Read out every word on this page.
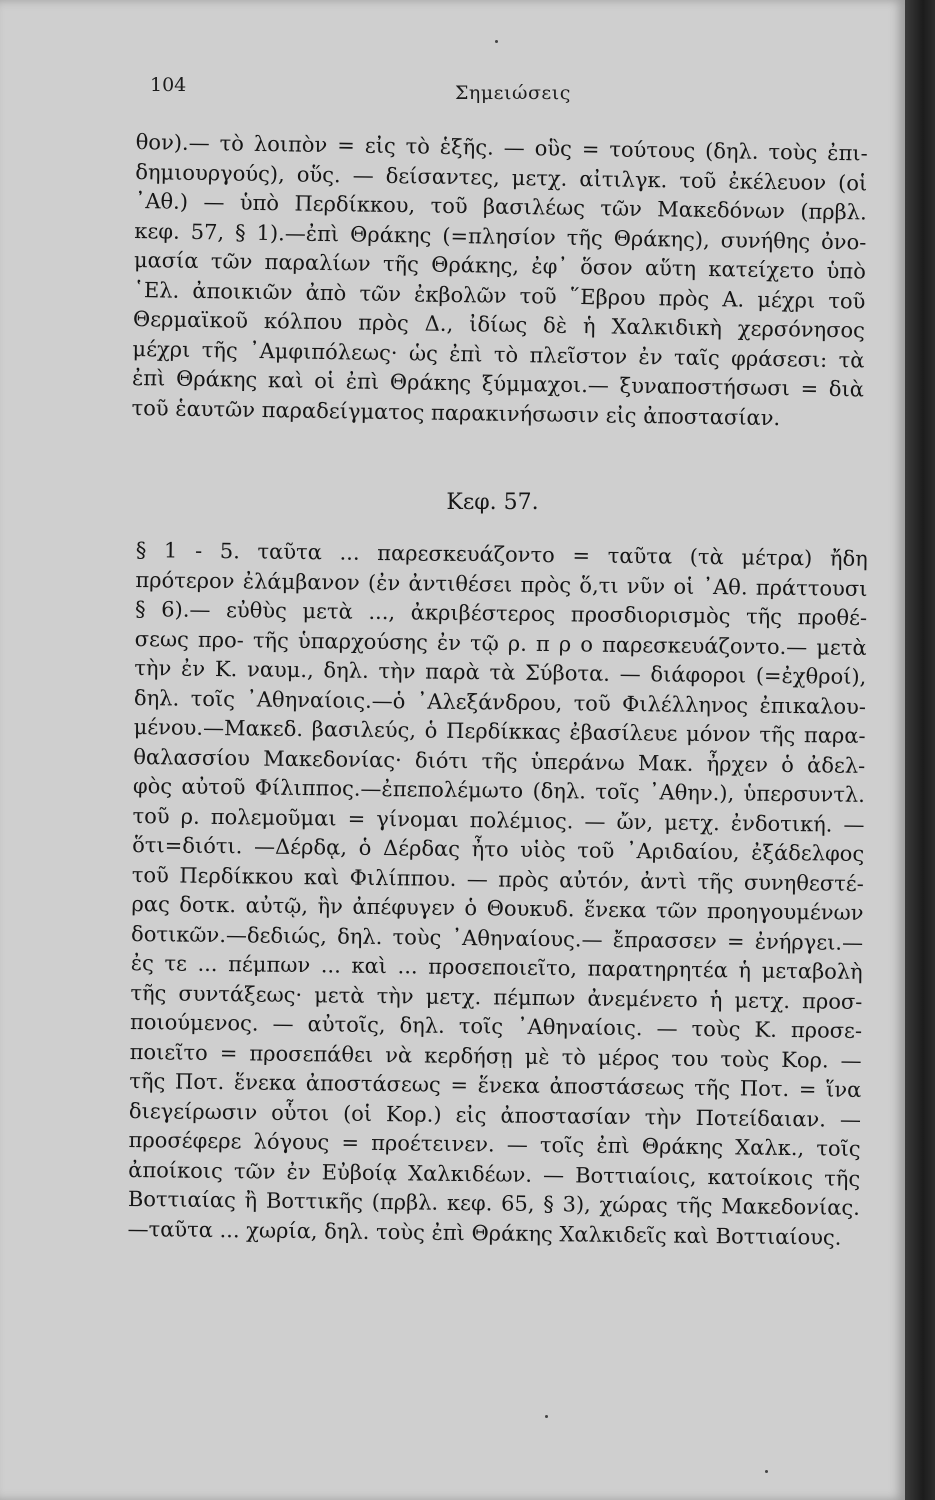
104	Σημειώσεις
θον).— τὸ λοιπὸν = εἰς τὸ ἑξῆς. — οὓς = τούτους (δηλ. τοὺς ἐπι-
δημιουργούς), οὕς. — δείσαντες, μετχ. αἰτιλγκ. τοῦ ἐκέλευον (οἱ
᾿Αθ.) — ὑπὸ Περδίκκου, τοῦ βασιλέως τῶν Μακεδόνων (πρβλ.
κεφ. 57, § 1).—ἐπὶ Θράκης (=πλησίον τῆς Θράκης), συνήθης ὀνο-
μασία τῶν παραλίων τῆς Θράκης, ἐφ᾿ ὅσον αὕτη κατείχετο ὑπὸ
῾Ελ. ἀποικιῶν ἀπὸ τῶν ἐκβολῶν τοῦ ῞Εβρου πρὸς Α. μέχρι τοῦ
Θερμαϊκοῦ κόλπου πρὸς Δ., ἰδίως δὲ ἡ Χαλκιδικὴ χερσόνησος
μέχρι τῆς ᾿Αμφιπόλεως· ὡς ἐπὶ τὸ πλεῖστον ἐν ταῖς φράσεσι: τὰ
ἐπὶ Θράκης καὶ οἱ ἐπὶ Θράκης ξύμμαχοι.— ξυναποστήσωσι = διὰ
τοῦ ἑαυτῶν παραδείγματος παρακινήσωσιν εἰς ἀποστασίαν.
Κεφ. 57.
§ 1 - 5. ταῦτα ... παρεσκευάζοντο = ταῦτα (τὰ μέτρα) ἤδη
πρότερον ἐλάμβανον (ἐν ἀντιθέσει πρὸς ὅ,τι νῦν οἱ ᾿Αθ. πράττουσι
§ 6).— εὐθὺς μετὰ ..., ἀκριβέστερος προσδιορισμὸς τῆς προθέ-
σεως προ- τῆς ὑπαρχούσης ἐν τῷ ρ. π ρ ο παρεσκευάζοντο.— μετὰ
τὴν ἐν Κ. ναυμ., δηλ. τὴν παρὰ τὰ Σύβοτα. — διάφοροι (=ἐχθροί),
δηλ. τοῖς ᾿Αθηναίοις.—ὁ ᾿Αλεξάνδρου, τοῦ Φιλέλληνος ἐπικαλου-
μένου.—Μακεδ. βασιλεύς, ὁ Περδίκκας ἐβασίλευε μόνον τῆς παρα-
θαλασσίου Μακεδονίας· διότι τῆς ὑπεράνω Μακ. ἦρχεν ὁ ἀδελ-
φὸς αὐτοῦ Φίλιππος.—ἐπεπολέμωτο (δηλ. τοῖς ᾿Αθην.), ὑπερσυντλ.
τοῦ ρ. πολεμοῦμαι = γίνομαι πολέμιος. — ὤν, μετχ. ἐνδοτική. —
ὅτι=διότι. —Δέρδᾳ, ὁ Δέρδας ἦτο υἱὸς τοῦ ᾿Αριδαίου, ἐξάδελφος
τοῦ Περδίκκου καὶ Φιλίππου. — πρὸς αὐτόν, ἀντὶ τῆς συνηθεστέ-
ρας δοτκ. αὐτῷ, ἣν ἀπέφυγεν ὁ Θουκυδ. ἕνεκα τῶν προηγουμένων
δοτικῶν.—δεδιώς, δηλ. τοὺς ᾿Αθηναίους.— ἔπρασσεν = ἐνήργει.—
ἐς τε ... πέμπων ... καὶ ... προσεποιεῖτο, παρατηρητέα ἡ μεταβολὴ
τῆς συντάξεως· μετὰ τὴν μετχ. πέμπων ἀνεμένετο ἡ μετχ. προσ-
ποιούμενος. — αὐτοῖς, δηλ. τοῖς ᾿Αθηναίοις. — τοὺς Κ. προσε-
ποιεῖτο = προσεπάθει νὰ κερδήσῃ μὲ τὸ μέρος του τοὺς Κορ. —
τῆς Ποτ. ἕνεκα ἀποστάσεως = ἕνεκα ἀποστάσεως τῆς Ποτ. = ἵνα
διεγείρωσιν οὗτοι (οἱ Κορ.) εἰς ἀποστασίαν τὴν Ποτείδαιαν. —
προσέφερε λόγους = προέτεινεν. — τοῖς ἐπὶ Θράκης Χαλκ., τοῖς
ἀποίκοις τῶν ἐν Εὐβοίᾳ Χαλκιδέων. — Βοττιαίοις, κατοίκοις τῆς
Βοττιαίας ἢ Βοττικῆς (πρβλ. κεφ. 65, § 3), χώρας τῆς Μακεδονίας.
—ταῦτα ... χωρία, δηλ. τοὺς ἐπὶ Θράκης Χαλκιδεῖς καὶ Βοττιαίους.
